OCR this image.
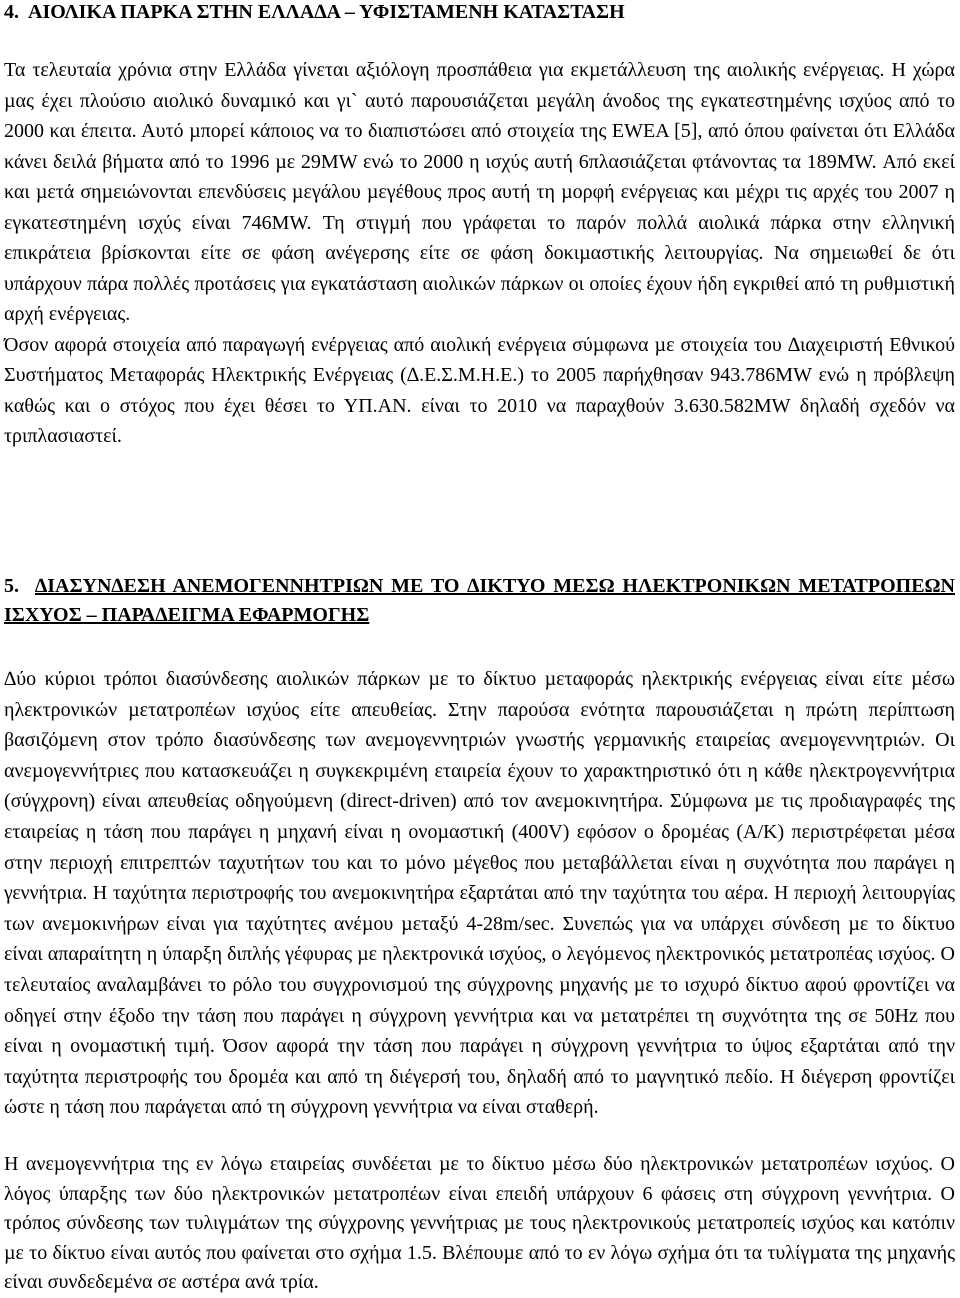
4. ΑΙΟΛΙΚΑ ΠΑΡΚΑ ΣΤΗΝ ΕΛΛΑ∆Α – ΥΦΙΣΤΑΜΕΝΗ ΚΑΤΑΣΤΑΣΗ
Τα τελευταία χρόνια στην Ελλάδα γίνεται αξιόλογη προσπάθεια για εκµετάλλευση της αιολικής ενέργειας. Η χώρα
µας έχει πλούσιο αιολικό δυναµικό και γι` αυτό παρουσιάζεται µεγάλη άνοδος της εγκατεστηµένης ισχύος από το
2000 και έπειτα. Αυτό µπορεί κάποιος να το διαπιστώσει από στοιχεία της EWEA [5], από όπου φαίνεται ότι Ελλάδα
κάνει δειλά βήµατα από το 1996 µε 29MW ενώ το 2000 η ισχύς αυτή 6πλασιάζεται φτάνοντας τα 189MW. Από εκεί
και µετά σηµειώνονται επενδύσεις µεγάλου µεγέθους προς αυτή τη µορφή ενέργειας και µέχρι τις αρχές του 2007 η
εγκατεστηµένη ισχύς είναι 746MW. Τη στιγµή που γράφεται το παρόν πολλά αιολικά πάρκα στην ελληνική
επικράτεια βρίσκονται είτε σε φάση ανέγερσης είτε σε φάση δοκιµαστικής λειτουργίας. Να σηµειωθεί δε ότι
υπάρχουν πάρα πολλές προτάσεις για εγκατάσταση αιολικών πάρκων οι οποίες έχουν ήδη εγκριθεί από τη ρυθµιστική
αρχή ενέργειας.
Όσον αφορά στοιχεία από παραγωγή ενέργειας από αιολική ενέργεια σύµφωνα µε στοιχεία του ∆ιαχειριστή Εθνικού
Συστήµατος Μεταφοράς Ηλεκτρικής Ενέργειας (∆.Ε.Σ.Μ.Η.Ε.) το 2005 παρήχθησαν 943.786MW ενώ η πρόβλεψη
καθώς και ο στόχος που έχει θέσει το ΥΠ.ΑΝ. είναι το 2010 να παραχθούν 3.630.582MW δηλαδή σχεδόν να
τριπλασιαστεί.
5. ∆ΙΑΣΥΝ∆ΕΣΗ ΑΝΕΜΟΓΕΝΝΗΤΡΙΩΝ ΜΕ ΤΟ ∆ΙΚΤΥΟ ΜΕΣΩ ΗΛΕΚΤΡΟΝΙΚΩΝ ΜΕΤΑΤΡΟΠΕΩΝ
ΙΣΧΥΟΣ – ΠΑΡΑ∆ΕΙΓΜΑ ΕΦΑΡΜΟΓΗΣ
∆ύο κύριοι τρόποι διασύνδεσης αιολικών πάρκων µε το δίκτυο µεταφοράς ηλεκτρικής ενέργειας είναι είτε µέσω
ηλεκτρονικών µετατροπέων ισχύος είτε απευθείας. Στην παρούσα ενότητα παρουσιάζεται η πρώτη περίπτωση
βασιζόµενη στον τρόπο διασύνδεσης των ανεµογεννητριών γνωστής γερµανικής εταιρείας ανεµογεννητριών. Οι
ανεµογεννήτριες που κατασκευάζει η συγκεκριµένη εταιρεία έχουν το χαρακτηριστικό ότι η κάθε ηλεκτρογεννήτρια
(σύγχρονη) είναι απευθείας οδηγούµενη (direct-driven) από τον ανεµοκινητήρα. Σύµφωνα µε τις προδιαγραφές της
εταιρείας η τάση που παράγει η µηχανή είναι η ονοµαστική (400V) εφόσον ο δροµέας (Α/Κ) περιστρέφεται µέσα
στην περιοχή επιτρεπτών ταχυτήτων του και το µόνο µέγεθος που µεταβάλλεται είναι η συχνότητα που παράγει η
γεννήτρια. Η ταχύτητα περιστροφής του ανεµοκινητήρα εξαρτάται από την ταχύτητα του αέρα. Η περιοχή λειτουργίας
των ανεµοκινήρων είναι για ταχύτητες ανέµου µεταξύ 4-28m/sec. Συνεπώς για να υπάρχει σύνδεση µε το δίκτυο
είναι απαραίτητη η ύπαρξη διπλής γέφυρας µε ηλεκτρονικά ισχύος, ο λεγόµενος ηλεκτρονικός µετατροπέας ισχύος. Ο
τελευταίος αναλαµβάνει το ρόλο του συγχρονισµού της σύγχρονης µηχανής µε το ισχυρό δίκτυο αφού φροντίζει να
οδηγεί στην έξοδο την τάση που παράγει η σύγχρονη γεννήτρια και να µετατρέπει τη συχνότητα της σε 50Hz που
είναι η ονοµαστική τιµή. Όσον αφορά την τάση που παράγει η σύγχρονη γεννήτρια το ύψος εξαρτάται από την
ταχύτητα περιστροφής του δροµέα και από τη διέγερσή του, δηλαδή από το µαγνητικό πεδίο. Η διέγερση φροντίζει
ώστε η τάση που παράγεται από τη σύγχρονη γεννήτρια να είναι σταθερή.
Η ανεµογεννήτρια της εν λόγω εταιρείας συνδέεται µε το δίκτυο µέσω δύο ηλεκτρονικών µετατροπέων ισχύος. Ο
λόγος ύπαρξης των δύο ηλεκτρονικών µετατροπέων είναι επειδή υπάρχουν 6 φάσεις στη σύγχρονη γεννήτρια. Ο
τρόπος σύνδεσης των τυλιγµάτων της σύγχρονης γεννήτριας µε τους ηλεκτρονικούς µετατροπείς ισχύος και κατόπιν
µε το δίκτυο είναι αυτός που φαίνεται στο σχήµα 1.5. Βλέπουµε από το εν λόγω σχήµα ότι τα τυλίγµατα της µηχανής
είναι συνδεδεµένα σε αστέρα ανά τρία.
